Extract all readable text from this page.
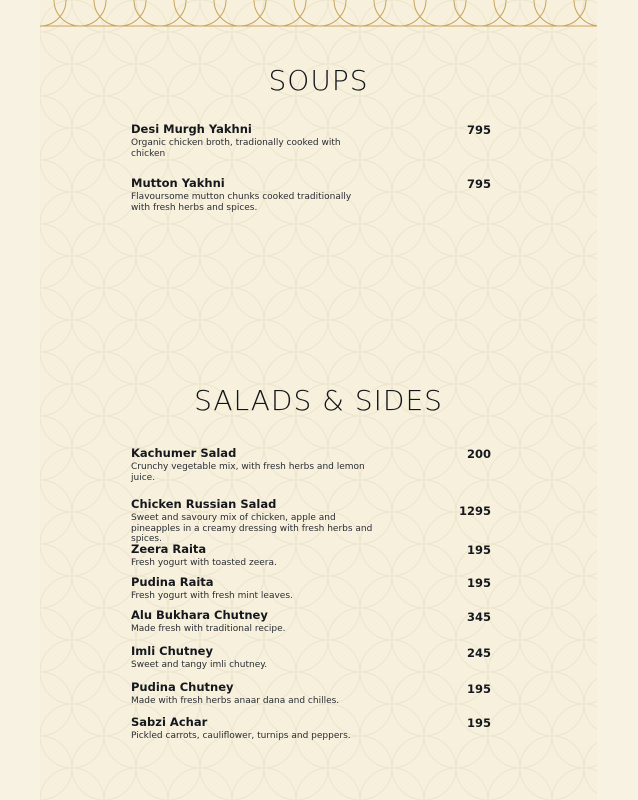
SOUPS
Desi Murgh Yakhni
Organic chicken broth, tradionally cooked with chicken
795
Mutton Yakhni
Flavoursome mutton chunks cooked traditionally with fresh herbs and spices.
795
SALADS & SIDES
Kachumer Salad
Crunchy vegetable mix, with fresh herbs and lemon juice.
200
Chicken Russian Salad
Sweet and savoury mix of chicken, apple and pineapples in a creamy dressing with fresh herbs and spices.
1295
Zeera Raita
Fresh yogurt with toasted zeera.
195
Pudina Raita
Fresh yogurt with fresh mint leaves.
195
Alu Bukhara Chutney
Made fresh with traditional recipe.
345
Imli Chutney
Sweet and tangy imli chutney.
245
Pudina Chutney
Made with fresh herbs anaar dana and chilles.
195
Sabzi Achar
Pickled carrots, cauliflower, turnips and peppers.
195
